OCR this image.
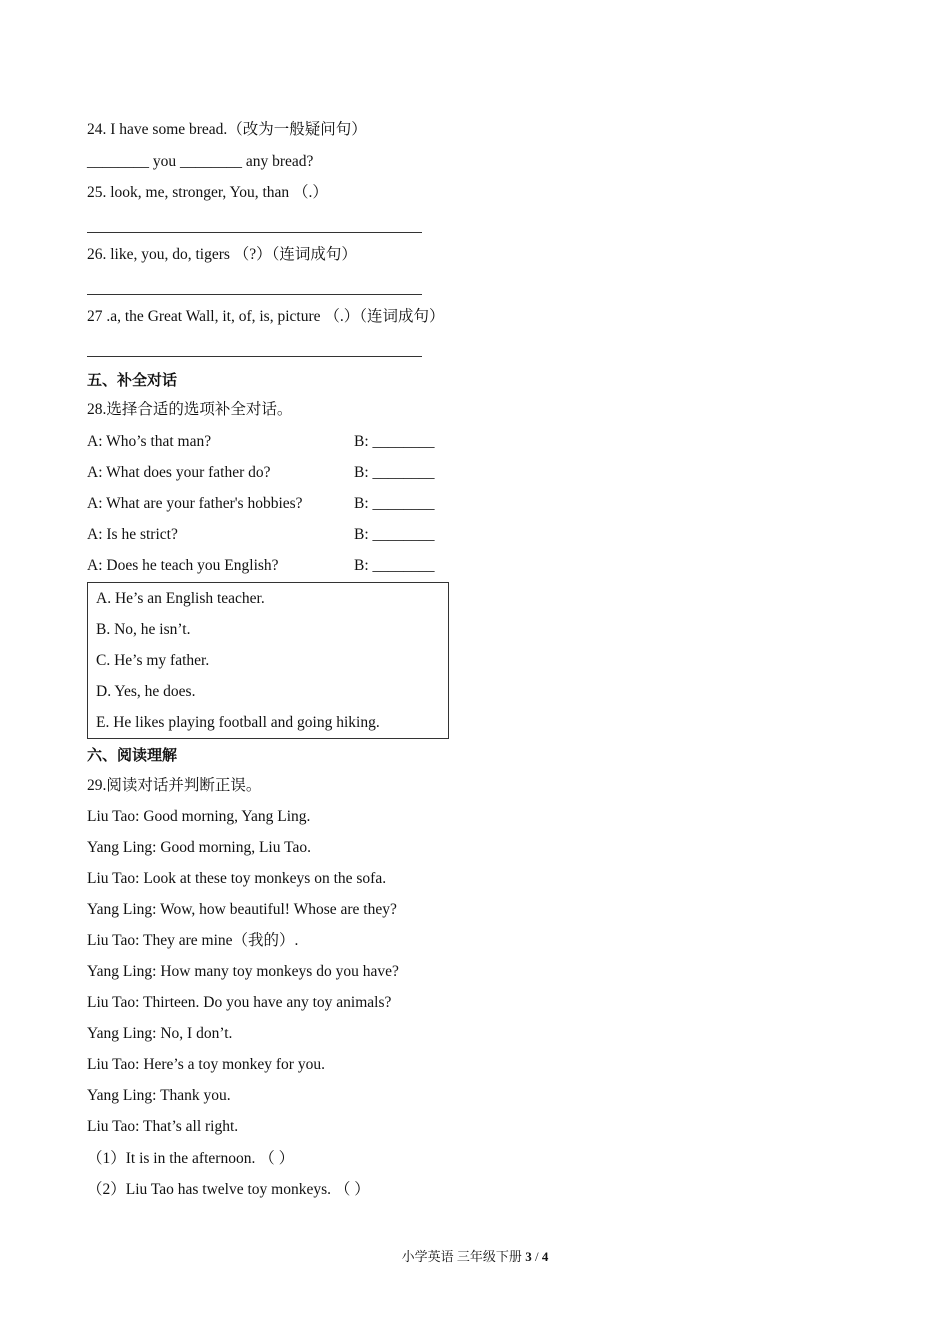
24. I have some bread.（改为一般疑问句）
________ you ________ any bread?
25. look, me, stronger, You, than （.）
26. like, you, do, tigers （?）（连词成句）
27 .a, the Great Wall, it, of, is, picture （.）（连词成句）
五、补全对话
28.选择合适的选项补全对话。
A: Who’s that man?	B: ________
A: What does your father do?	B: ________
A: What are your father's hobbies?	B: ________
A: Is he strict?	B: ________
A: Does he teach you English?	B: ________
A. He’s an English teacher.
B. No, he isn’t.
C. He’s my father.
D. Yes, he does.
E. He likes playing football and going hiking.
六、阅读理解
29.阅读对话并判断正误。
Liu Tao: Good morning, Yang Ling.
Yang Ling: Good morning, Liu Tao.
Liu Tao: Look at these toy monkeys on the sofa.
Yang Ling: Wow, how beautiful! Whose are they?
Liu Tao: They are mine（我的）.
Yang Ling: How many toy monkeys do you have?
Liu Tao: Thirteen. Do you have any toy animals?
Yang Ling: No, I don’t.
Liu Tao: Here’s a toy monkey for you.
Yang Ling: Thank you.
Liu Tao: That’s all right.
（1）It is in the afternoon. （ ）
（2）Liu Tao has twelve toy monkeys. （ ）
小学英语 三年级下册 3 / 4
